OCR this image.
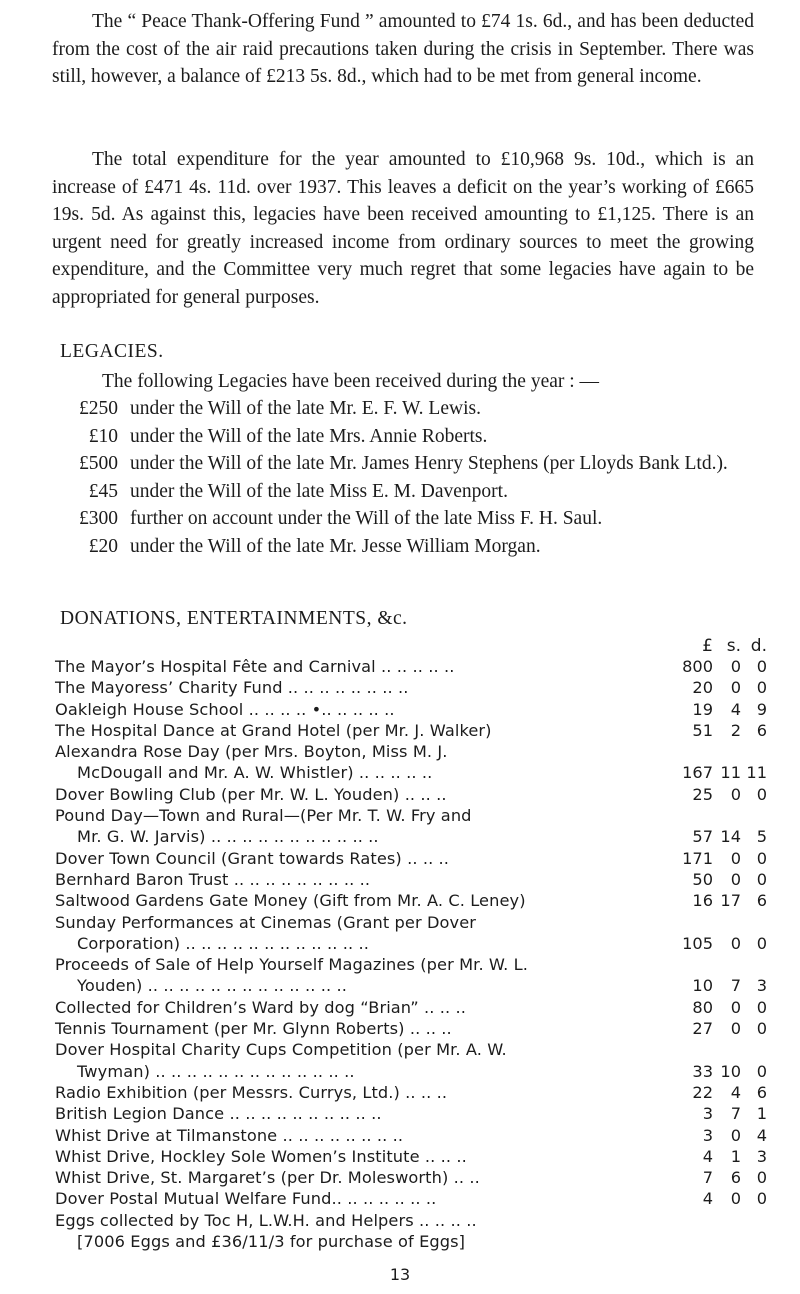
The “ Peace Thank-Offering Fund ” amounted to £74 1s. 6d., and has been deducted from the cost of the air raid precautions taken during the crisis in September. There was still, however, a balance of £213 5s. 8d., which had to be met from general income.

The total expenditure for the year amounted to £10,968 9s. 10d., which is an increase of £471 4s. 11d. over 1937. This leaves a deficit on the year’s working of £665 19s. 5d. As against this, legacies have been received amounting to £1,125. There is an urgent need for greatly increased income from ordinary sources to meet the growing expenditure, and the Committee very much regret that some legacies have again to be appropriated for general purposes.

LEGACIES.
The following Legacies have been received during the year : —
£250 under the Will of the late Mr. E. F. W. Lewis.
£10 under the Will of the late Mrs. Annie Roberts.
£500 under the Will of the late Mr. James Henry Stephens (per Lloyds Bank Ltd.).
£45 under the Will of the late Miss E. M. Davenport.
£300 further on account under the Will of the late Miss F. H. Saul.
£20 under the Will of the late Mr. Jesse William Morgan.
DONATIONS, ENTERTAINMENTS, &c.
£ s. d.
The Mayor’s Hospital Fête and Carnival .. .. .. .. ..	800	0 0
The Mayoress’ Charity Fund .. .. .. .. .. .. .. ..	20	0 0
Oakleigh House School .. .. .. .. •.. .. .. .. ..	19	4 9
The Hospital Dance at Grand Hotel (per Mr. J. Walker)	51	2 6
Alexandra Rose Day (per Mrs. Boyton, Miss M. J.
McDougall and Mr. A. W. Whistler) .. .. .. .. ..	167 11 11
Dover Bowling Club (per Mr. W. L. Youden) .. .. ..	25	0 0
Pound Day—Town and Rural—(Per Mr. T. W. Fry and
Mr. G. W. Jarvis) .. .. .. .. .. .. .. .. .. .. ..	57 14 5
Dover Town Council (Grant towards Rates) .. .. ..	171	0 0
Bernhard Baron Trust .. .. .. .. .. .. .. .. ..	50	0 0
Saltwood Gardens Gate Money (Gift from Mr. A. C. Leney)	16 17 6
Sunday Performances at Cinemas (Grant per Dover
Corporation) .. .. .. .. .. .. .. .. .. .. .. ..	105	0 0
Proceeds of Sale of Help Yourself Magazines (per Mr. W. L.
Youden) .. .. .. .. .. .. .. .. .. .. .. .. ..	10	7 3
Collected for Children’s Ward by dog “Brian” .. .. ..	80	0 0
Tennis Tournament (per Mr. Glynn Roberts) .. .. ..	27	0 0
Dover Hospital Charity Cups Competition (per Mr. A. W.
Twyman) .. .. .. .. .. .. .. .. .. .. .. .. ..	33 10 0
Radio Exhibition (per Messrs. Currys, Ltd.) .. .. ..	22	4 6
British Legion Dance .. .. .. .. .. .. .. .. .. ..	3	7 1
Whist Drive at Tilmanstone .. .. .. .. .. .. .. ..	3	0 4
Whist Drive, Hockley Sole Women’s Institute .. .. ..	4	1 3
Whist Drive, St. Margaret’s (per Dr. Molesworth) .. ..	7	6 0
Dover Postal Mutual Welfare Fund.. .. .. .. .. .. ..	4	0 0
Eggs collected by Toc H, L.W.H. and Helpers .. .. .. ..
[7006 Eggs and £36/11/3 for purchase of Eggs]
13
